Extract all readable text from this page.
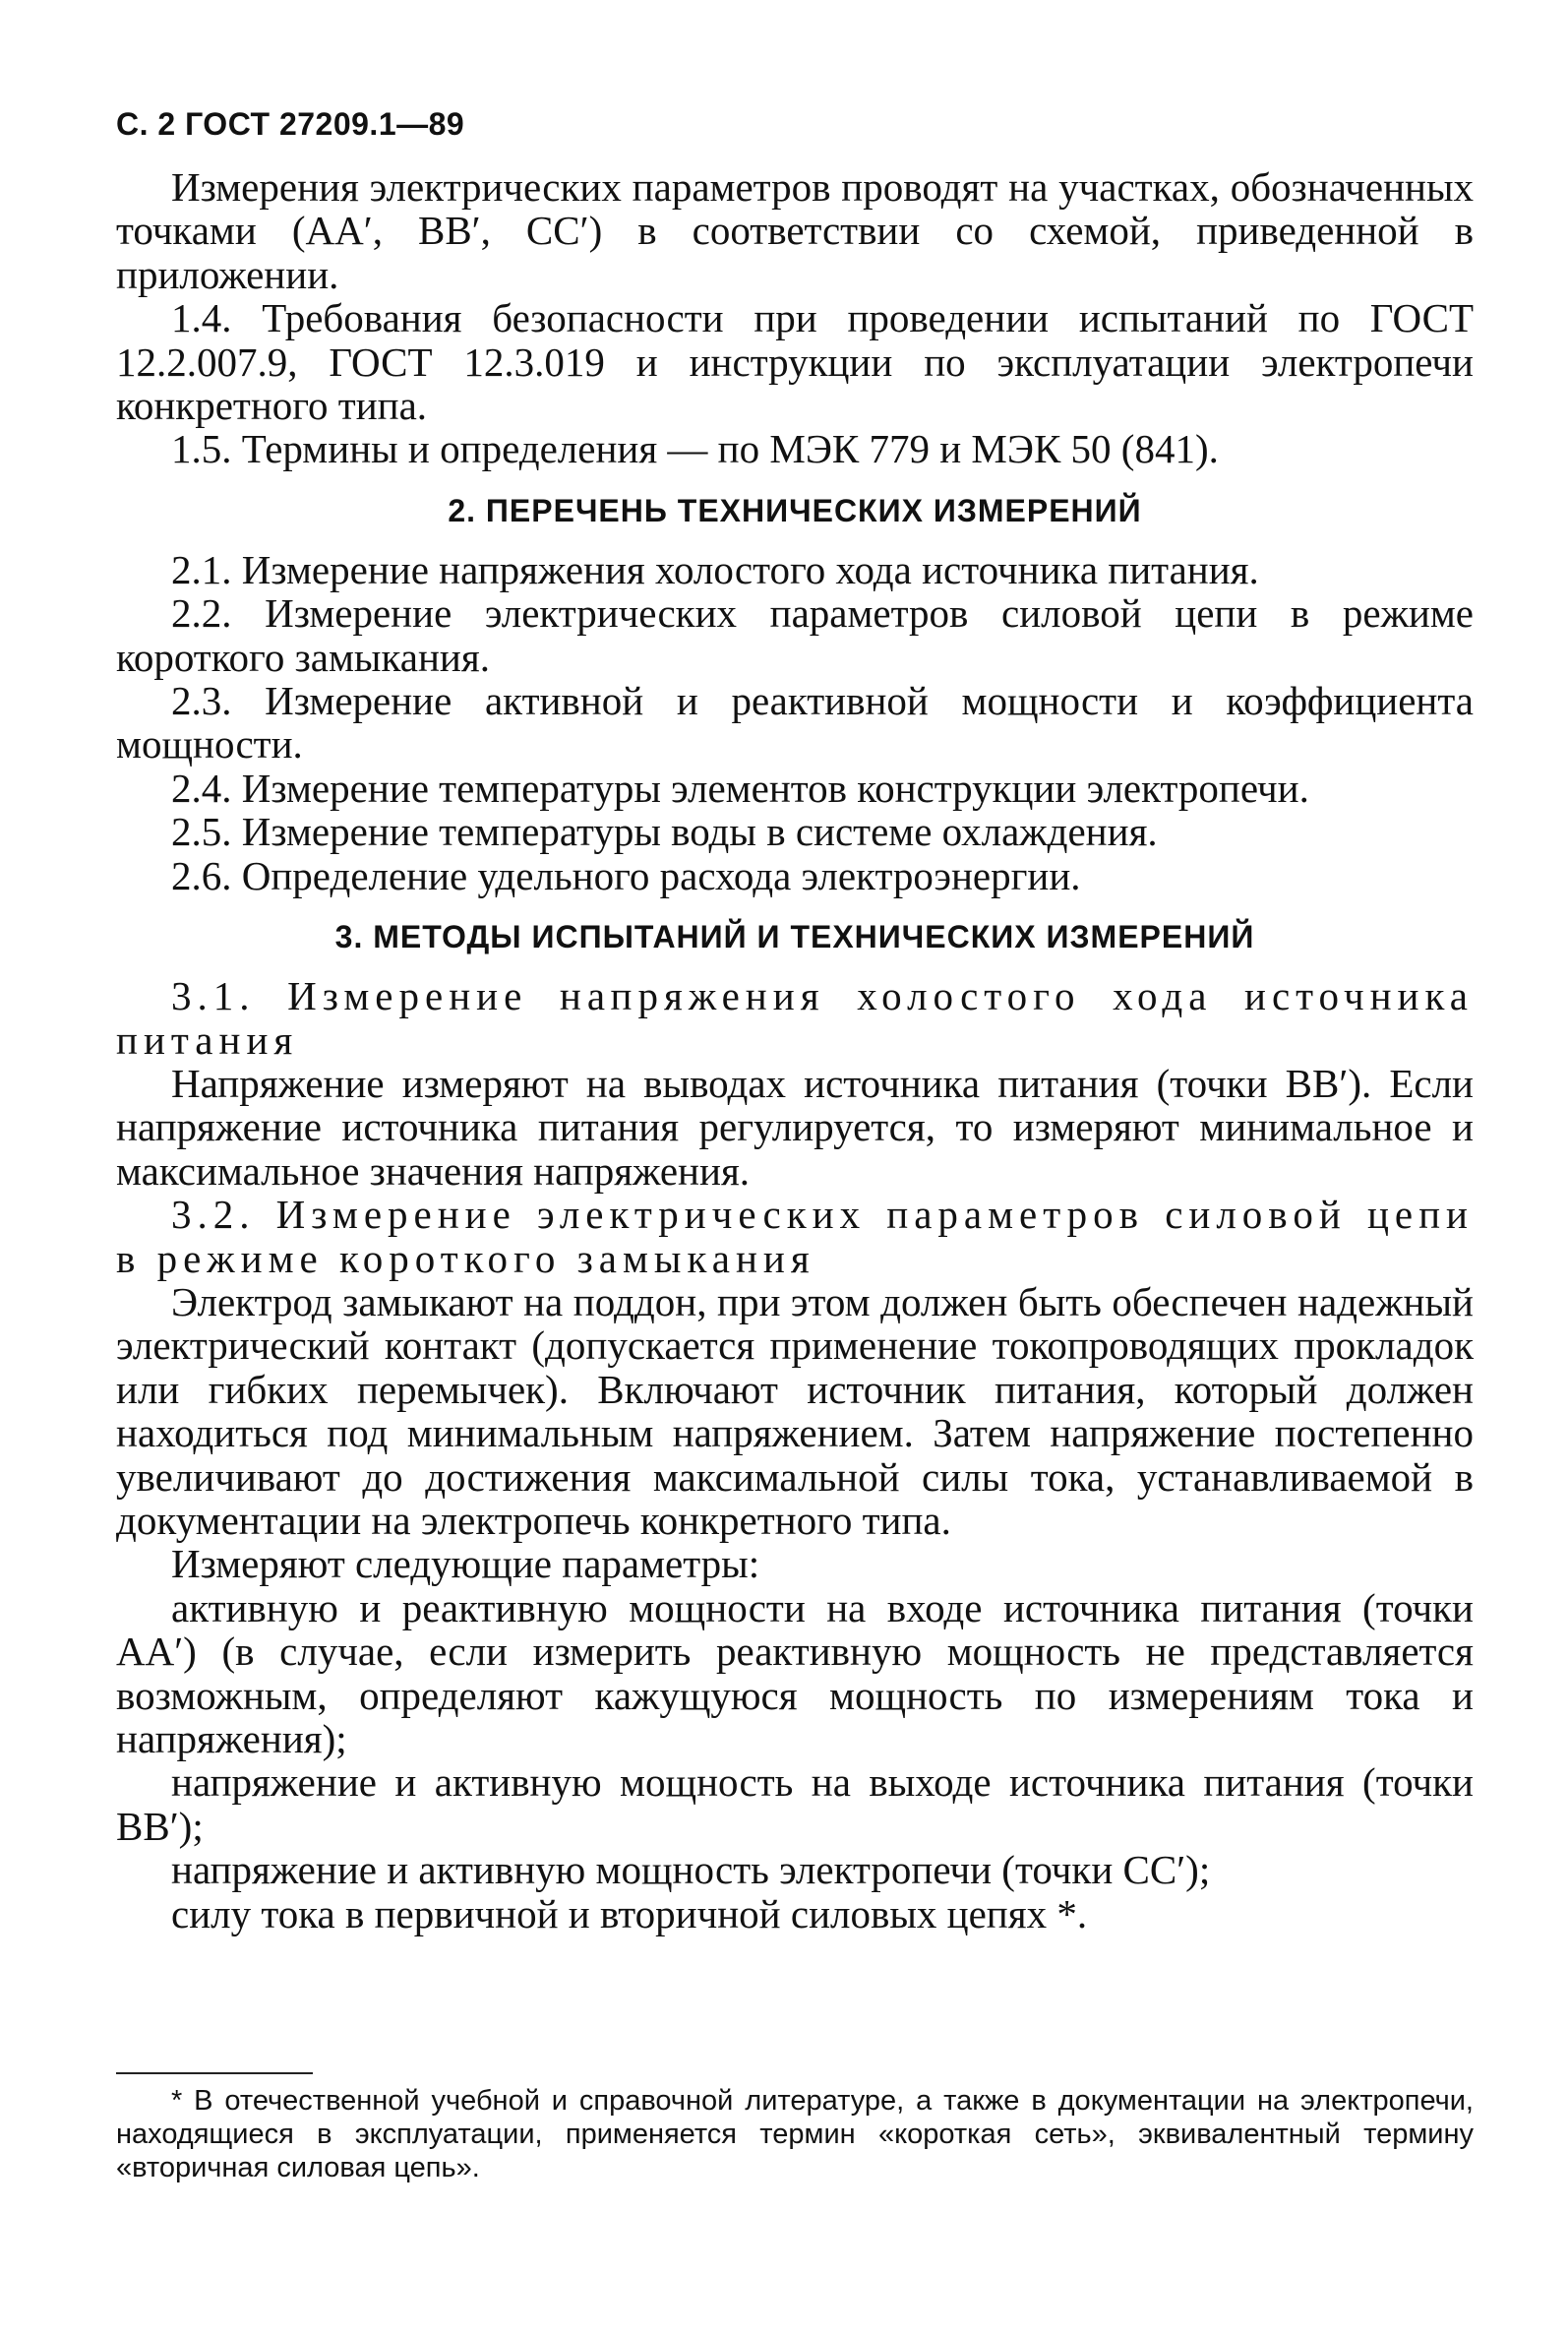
С. 2 ГОСТ 27209.1—89

Измерения электрических параметров проводят на участках, обозначенных точками (AA′, BB′, CC′) в соответствии со схемой, приведенной в приложении.

1.4. Требования безопасности при проведении испытаний по ГОСТ 12.2.007.9, ГОСТ 12.3.019 и инструкции по эксплуатации электропечи конкретного типа.

1.5. Термины и определения — по МЭК 779 и МЭК 50 (841).

2. ПЕРЕЧЕНЬ ТЕХНИЧЕСКИХ ИЗМЕРЕНИЙ

2.1. Измерение напряжения холостого хода источника питания.

2.2. Измерение электрических параметров силовой цепи в режиме короткого замыкания.

2.3. Измерение активной и реактивной мощности и коэффициента мощности.

2.4. Измерение температуры элементов конструкции электропечи.

2.5. Измерение температуры воды в системе охлаждения.

2.6. Определение удельного расхода электроэнергии.

3. МЕТОДЫ ИСПЫТАНИЙ И ТЕХНИЧЕСКИХ ИЗМЕРЕНИЙ

3.1. Измерение напряжения холостого хода источника питания

Напряжение измеряют на выводах источника питания (точки BB′). Если напряжение источника питания регулируется, то измеряют минимальное и максимальное значения напряжения.

3.2. Измерение электрических параметров силовой цепи в режиме короткого замыкания

Электрод замыкают на поддон, при этом должен быть обеспечен надежный электрический контакт (допускается применение токопроводящих прокладок или гибких перемычек). Включают источник питания, который должен находиться под минимальным напряжением. Затем напряжение постепенно увеличивают до достижения максимальной силы тока, устанавливаемой в документации на электропечь конкретного типа.

Измеряют следующие параметры:

активную и реактивную мощности на входе источника питания (точки AA′) (в случае, если измерить реактивную мощность не представляется возможным, определяют кажущуюся мощность по измерениям тока и напряжения);

напряжение и активную мощность на выходе источника питания (точки BB′);

напряжение и активную мощность электропечи (точки CC′);

силу тока в первичной и вторичной силовых цепях *.

* В отечественной учебной и справочной литературе, а также в документации на электропечи, находящиеся в эксплуатации, применяется термин «короткая сеть», эквивалентный термину «вторичная силовая цепь».
